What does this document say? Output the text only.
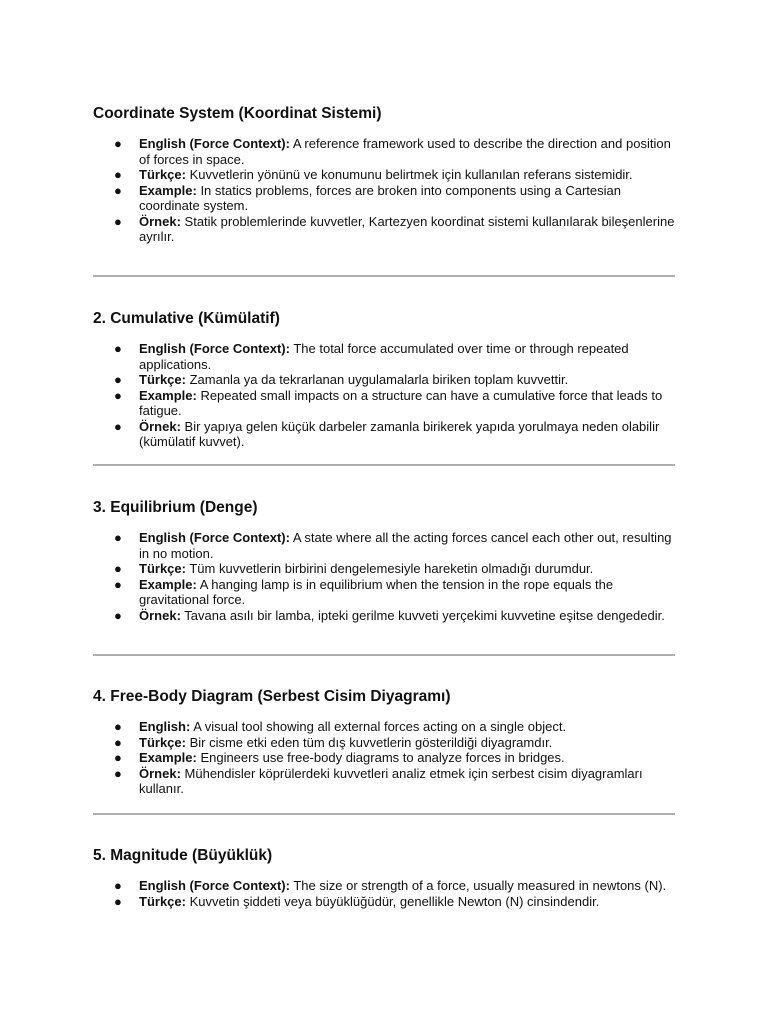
Coordinate System (Koordinat Sistemi)
● English (Force Context): A reference framework used to describe the direction and position of forces in space.
● Türkçe: Kuvvetlerin yönünü ve konumunu belirtmek için kullanılan referans sistemidir.
● Example: In statics problems, forces are broken into components using a Cartesian coordinate system.
● Örnek: Statik problemlerinde kuvvetler, Kartezyen koordinat sistemi kullanılarak bileşenlerine ayrılır.
2. Cumulative (Kümülatif)
● English (Force Context): The total force accumulated over time or through repeated applications.
● Türkçe: Zamanla ya da tekrarlanan uygulamalarla biriken toplam kuvvettir.
● Example: Repeated small impacts on a structure can have a cumulative force that leads to fatigue.
● Örnek: Bir yapıya gelen küçük darbeler zamanla birikerek yapıda yorulmaya neden olabilir (kümülatif kuvvet).
3. Equilibrium (Denge)
● English (Force Context): A state where all the acting forces cancel each other out, resulting in no motion.
● Türkçe: Tüm kuvvetlerin birbirini dengelemesiyle hareketin olmadığı durumdur.
● Example: A hanging lamp is in equilibrium when the tension in the rope equals the gravitational force.
● Örnek: Tavana asılı bir lamba, ipteki gerilme kuvveti yerçekimi kuvvetine eşitse dengededir.
4. Free-Body Diagram (Serbest Cisim Diyagramı)
● English: A visual tool showing all external forces acting on a single object.
● Türkçe: Bir cisme etki eden tüm dış kuvvetlerin gösterildiği diyagramdır.
● Example: Engineers use free-body diagrams to analyze forces in bridges.
● Örnek: Mühendisler köprülerdeki kuvvetleri analiz etmek için serbest cisim diyagramları kullanır.
5. Magnitude (Büyüklük)
● English (Force Context): The size or strength of a force, usually measured in newtons (N).
● Türkçe: Kuvvetin şiddeti veya büyüklüğüdür, genellikle Newton (N) cinsindendir.
